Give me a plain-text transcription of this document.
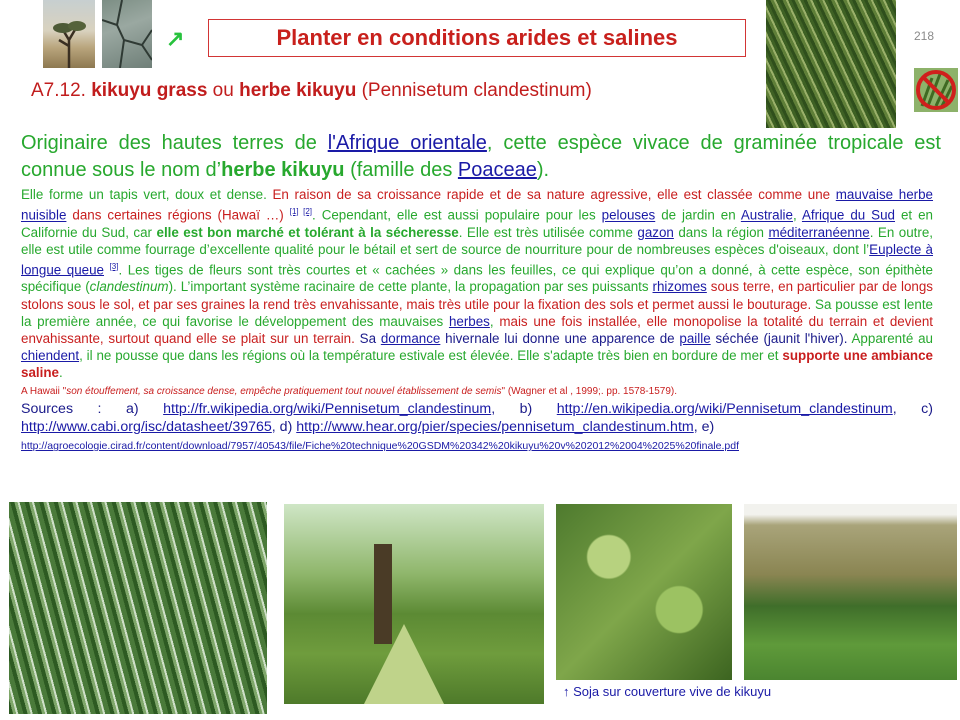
↗	Planter en conditions arides et salines	218
A7.12. kikuyu grass ou herbe kikuyu (Pennisetum clandestinum)
Originaire des hautes terres de l'Afrique orientale, cette espèce vivace de graminée tropicale est connue sous le nom d’herbe kikuyu (famille des Poaceae).
Elle forme un tapis vert, doux et dense. En raison de sa croissance rapide et de sa nature agressive, elle est classée comme une mauvaise herbe nuisible dans certaines régions (Hawaï …) [1] [2]. Cependant, elle est aussi populaire pour les pelouses de jardin en Australie, Afrique du Sud et en Californie du Sud, car elle est bon marché et tolérant à la sécheresse. Elle est très utilisée comme gazon dans la région méditerranéenne. En outre, elle est utile comme fourrage d’excellente qualité pour le bétail et sert de source de nourriture pour de nombreuses espèces d'oiseaux, dont l’Euplecte à longue queue [3]. Les tiges de fleurs sont très courtes et « cachées » dans les feuilles, ce qui explique qu’on a donné, à cette espèce, son épithète spécifique (clandestinum). L’important système racinaire de cette plante, la propagation par ses puissants rhizomes sous terre, en particulier par de longs stolons sous le sol, et par ses graines la rend très envahissante, mais très utile pour la fixation des sols et permet aussi le bouturage. Sa pousse est lente la première année, ce qui favorise le développement des mauvaises herbes, mais une fois installée, elle monopolise la totalité du terrain et devient envahissante, surtout quand elle se plait sur un terrain. Sa dormance hivernale lui donne une apparence de paille séchée (jaunit l'hiver). Apparenté au chiendent, il ne pousse que dans les régions où la température estivale est élevée. Elle s'adapte très bien en bordure de mer et supporte une ambiance saline.
A Hawaii "son étouffement, sa croissance dense, empêche pratiquement tout nouvel établissement de semis" (Wagner et al , 1999;. pp. 1578-1579).
Sources : a) http://fr.wikipedia.org/wiki/Pennisetum_clandestinum, b) http://en.wikipedia.org/wiki/Pennisetum_clandestinum, c) http://www.cabi.org/isc/datasheet/39765, d) http://www.hear.org/pier/species/pennisetum_clandestinum.htm, e)
http://agroecologie.cirad.fr/content/download/7957/40543/file/Fiche%20technique%20GSDM%20342%20kikuyu%20v%202012%2004%2025%20finale.pdf
↑ Soja sur couverture vive de kikuyu
